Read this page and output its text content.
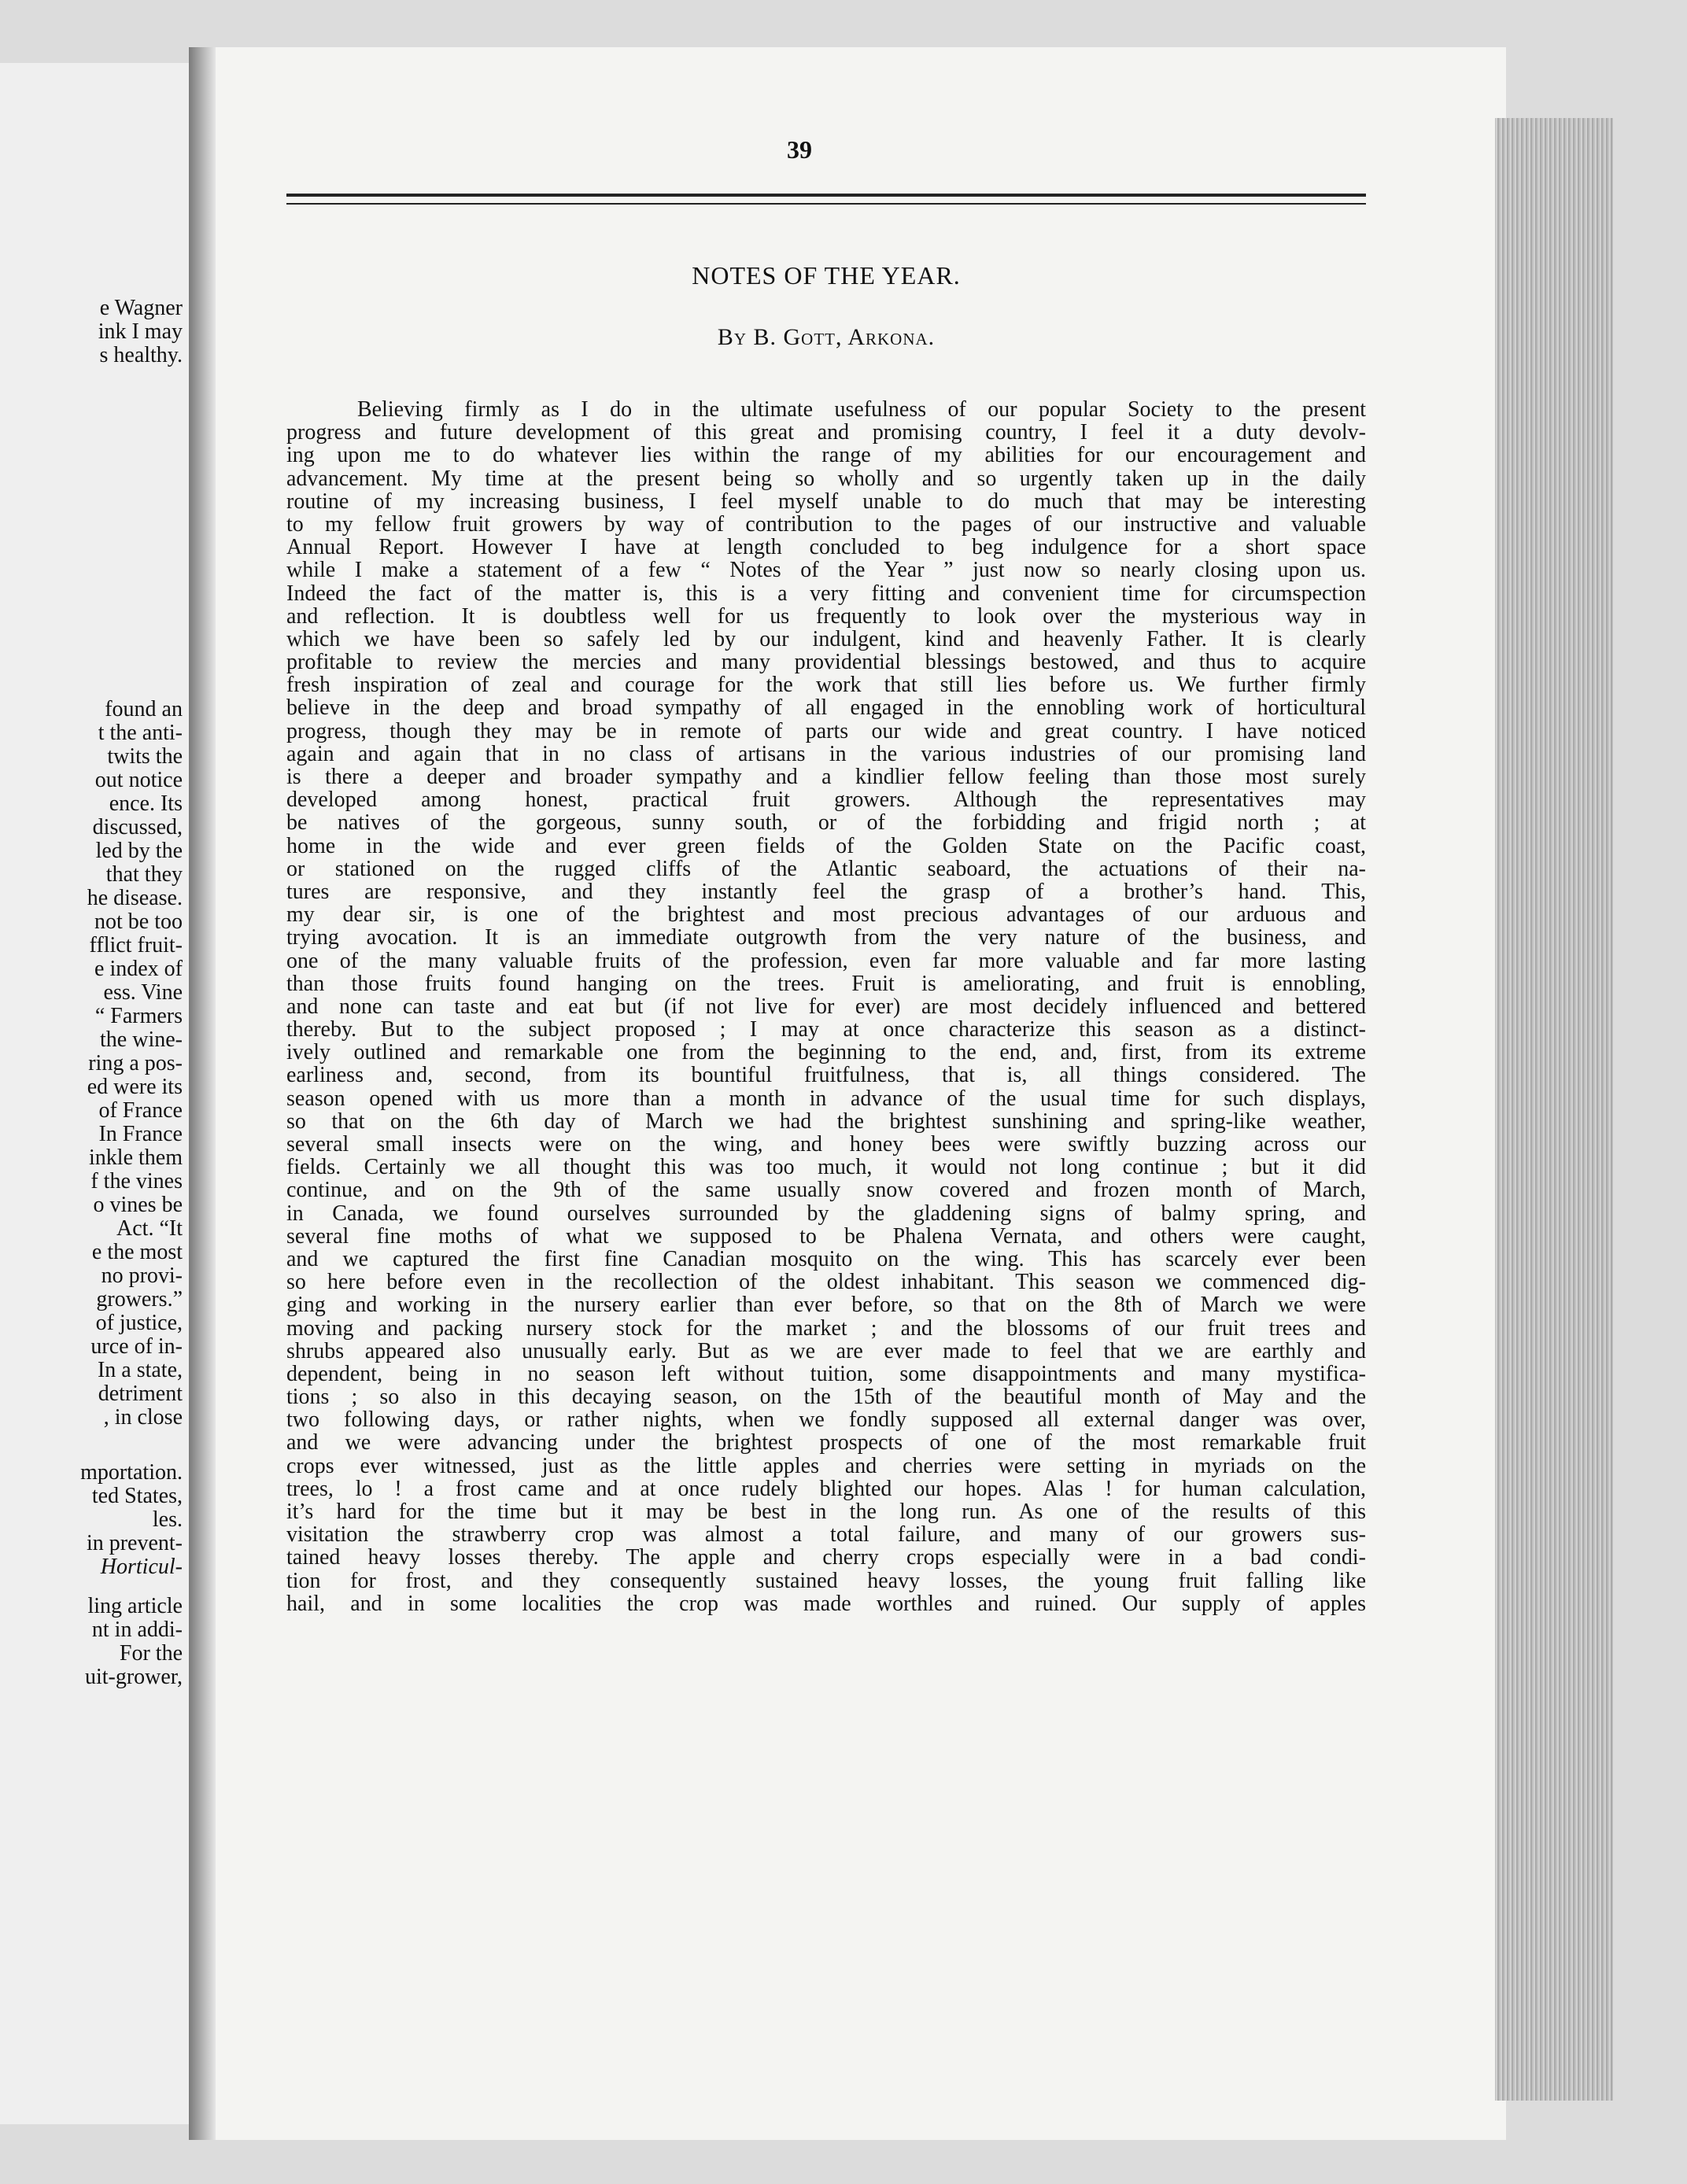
e Wagner
ink I may
s healthy.
found an
t the anti-
twits the
out notice
ence. Its
discussed,
led by the
that they
he disease.
not be too
fflict fruit-
e index of
ess. Vine
“ Farmers
the wine-
ring a pos-
ed were its
of France
In France
inkle them
f the vines
o vines be
Act. “It
e the most
no provi-
growers.”
of justice,
urce of in-
In a state,
detriment
, in close
mportation.
ted States,
les.
in prevent-
Horticul-
ling article
nt in addi-
For the
uit-grower,
39
NOTES OF THE YEAR.
By B. Gott, Arkona.
Believing firmly as I do in the ultimate usefulness of our popular Society to the present
progress and future development of this great and promising country, I feel it a duty devolv-
ing upon me to do whatever lies within the range of my abilities for our encouragement and
advancement. My time at the present being so wholly and so urgently taken up in the daily
routine of my increasing business, I feel myself unable to do much that may be interesting
to my fellow fruit growers by way of contribution to the pages of our instructive and valuable
Annual Report. However I have at length concluded to beg indulgence for a short space
while I make a statement of a few “ Notes of the Year ” just now so nearly closing upon us.
Indeed the fact of the matter is, this is a very fitting and convenient time for circumspection
and reflection. It is doubtless well for us frequently to look over the mysterious way in
which we have been so safely led by our indulgent, kind and heavenly Father. It is clearly
profitable to review the mercies and many providential blessings bestowed, and thus to acquire
fresh inspiration of zeal and courage for the work that still lies before us. We further firmly
believe in the deep and broad sympathy of all engaged in the ennobling work of horticultural
progress, though they may be in remote of parts our wide and great country. I have noticed
again and again that in no class of artisans in the various industries of our promising land
is there a deeper and broader sympathy and a kindlier fellow feeling than those most surely
developed among honest, practical fruit growers. Although the representatives may
be natives of the gorgeous, sunny south, or of the forbidding and frigid north ; at
home in the wide and ever green fields of the Golden State on the Pacific coast,
or stationed on the rugged cliffs of the Atlantic seaboard, the actuations of their na-
tures are responsive, and they instantly feel the grasp of a brother’s hand. This,
my dear sir, is one of the brightest and most precious advantages of our arduous and
trying avocation. It is an immediate outgrowth from the very nature of the business, and
one of the many valuable fruits of the profession, even far more valuable and far more lasting
than those fruits found hanging on the trees. Fruit is ameliorating, and fruit is ennobling,
and none can taste and eat but (if not live for ever) are most decidely influenced and bettered
thereby. But to the subject proposed ; I may at once characterize this season as a distinct-
ively outlined and remarkable one from the beginning to the end, and, first, from its extreme
earliness and, second, from its bountiful fruitfulness, that is, all things considered. The
season opened with us more than a month in advance of the usual time for such displays,
so that on the 6th day of March we had the brightest sunshining and spring-like weather,
several small insects were on the wing, and honey bees were swiftly buzzing across our
fields. Certainly we all thought this was too much, it would not long continue ; but it did
continue, and on the 9th of the same usually snow covered and frozen month of March,
in Canada, we found ourselves surrounded by the gladdening signs of balmy spring, and
several fine moths of what we supposed to be Phalena Vernata, and others were caught,
and we captured the first fine Canadian mosquito on the wing. This has scarcely ever been
so here before even in the recollection of the oldest inhabitant. This season we commenced dig-
ging and working in the nursery earlier than ever before, so that on the 8th of March we were
moving and packing nursery stock for the market ; and the blossoms of our fruit trees and
shrubs appeared also unusually early. But as we are ever made to feel that we are earthly and
dependent, being in no season left without tuition, some disappointments and many mystifica-
tions ; so also in this decaying season, on the 15th of the beautiful month of May and the
two following days, or rather nights, when we fondly supposed all external danger was over,
and we were advancing under the brightest prospects of one of the most remarkable fruit
crops ever witnessed, just as the little apples and cherries were setting in myriads on the
trees, lo ! a frost came and at once rudely blighted our hopes. Alas ! for human calculation,
it’s hard for the time but it may be best in the long run. As one of the results of this
visitation the strawberry crop was almost a total failure, and many of our growers sus-
tained heavy losses thereby. The apple and cherry crops especially were in a bad condi-
tion for frost, and they consequently sustained heavy losses, the young fruit falling like
hail, and in some localities the crop was made worthles and ruined. Our supply of apples
